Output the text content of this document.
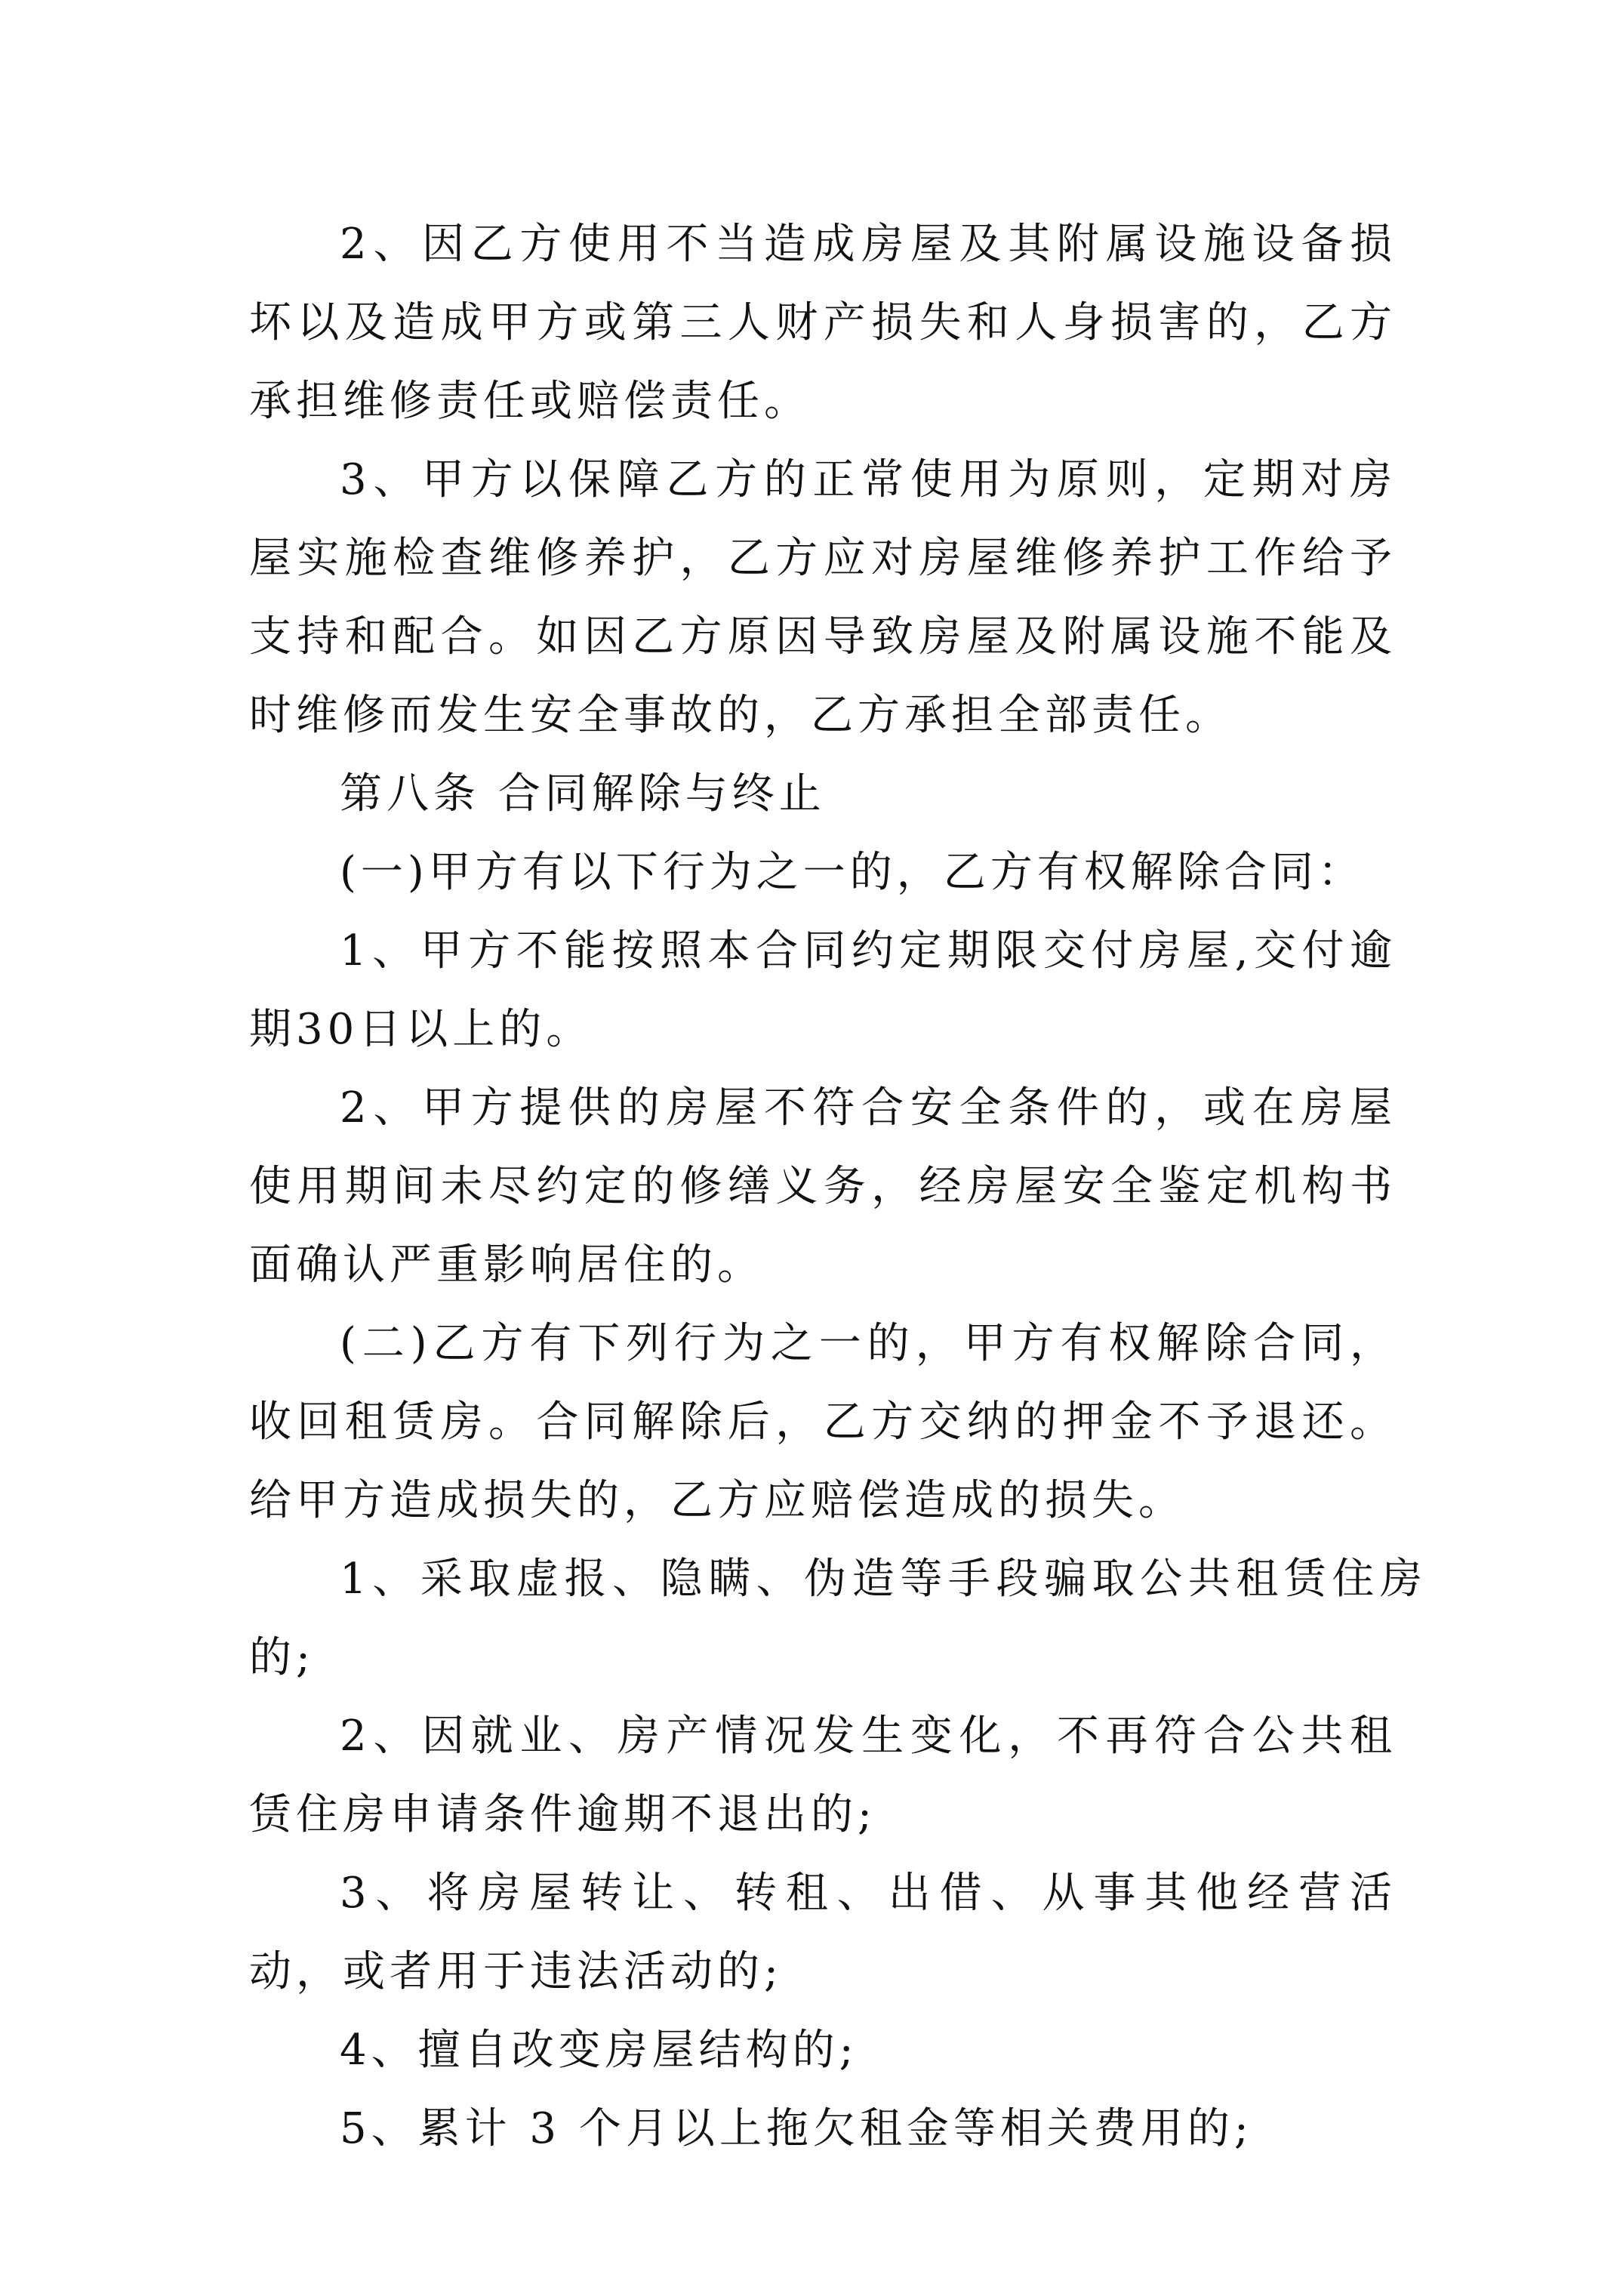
2、因乙方使用不当造成房屋及其附属设施设备损坏以及造成甲方或第三人财产损失和人身损害的，乙方承担维修责任或赔偿责任。

3、甲方以保障乙方的正常使用为原则，定期对房屋实施检查维修养护，乙方应对房屋维修养护工作给予支持和配合。如因乙方原因导致房屋及附属设施不能及时维修而发生安全事故的，乙方承担全部责任。

第八条 合同解除与终止

(一)甲方有以下行为之一的，乙方有权解除合同：

1、甲方不能按照本合同约定期限交付房屋,交付逾期30日以上的。

2、甲方提供的房屋不符合安全条件的，或在房屋使用期间未尽约定的修缮义务，经房屋安全鉴定机构书面确认严重影响居住的。

(二)乙方有下列行为之一的，甲方有权解除合同，收回租赁房。合同解除后，乙方交纳的押金不予退还。给甲方造成损失的，乙方应赔偿造成的损失。

1、采取虚报、隐瞒、伪造等手段骗取公共租赁住房的;

2、因就业、房产情况发生变化，不再符合公共租赁住房申请条件逾期不退出的;

3、将房屋转让、转租、出借、从事其他经营活动，或者用于违法活动的;

4、擅自改变房屋结构的;

5、累计 3 个月以上拖欠租金等相关费用的;
